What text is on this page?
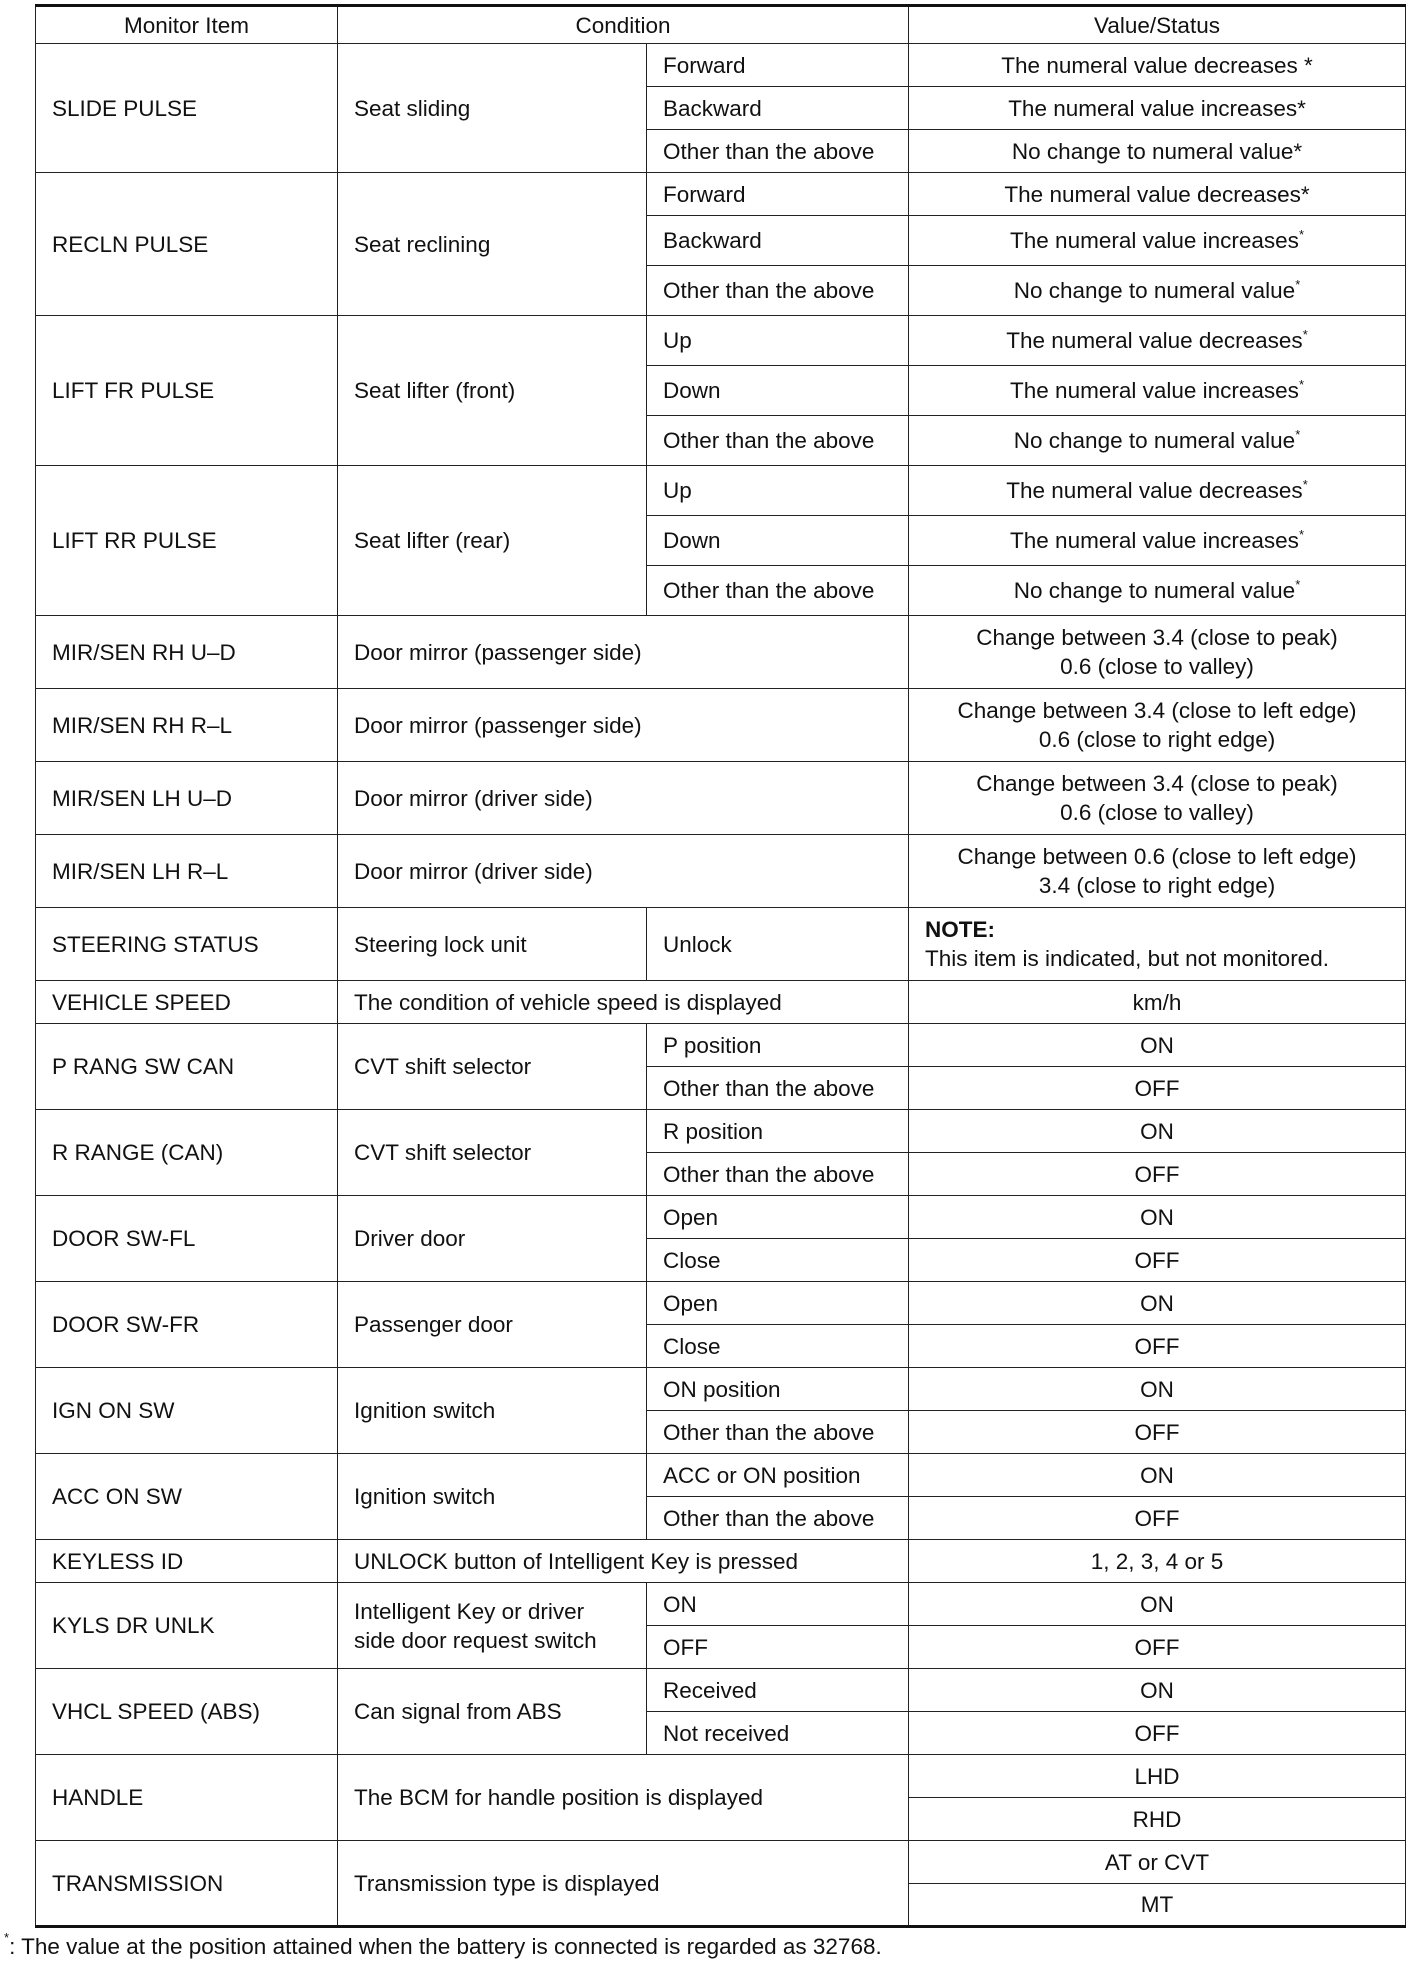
Monitor Item	Condition		Value/Status
SLIDE PULSE	Seat sliding	Forward	The numeral value decreases *
		Backward	The numeral value increases*
		Other than the above	No change to numeral value*
RECLN PULSE	Seat reclining	Forward	The numeral value decreases*
		Backward	The numeral value increases*
		Other than the above	No change to numeral value*
LIFT FR PULSE	Seat lifter (front)	Up	The numeral value decreases*
		Down	The numeral value increases*
		Other than the above	No change to numeral value*
LIFT RR PULSE	Seat lifter (rear)	Up	The numeral value decreases*
		Down	The numeral value increases*
		Other than the above	No change to numeral value*
MIR/SEN RH U–D	Door mirror (passenger side)		Change between 3.4 (close to peak)
0.6 (close to valley)

MIR/SEN RH R–L	Door mirror (passenger side)		Change between 3.4 (close to left edge)
0.6 (close to right edge)

MIR/SEN LH U–D	Door mirror (driver side)		Change between 3.4 (close to peak)
0.6 (close to valley)

MIR/SEN LH R–L	Door mirror (driver side)		Change between 0.6 (close to left edge)
3.4 (close to right edge)

STEERING STATUS	Steering lock unit	Unlock	NOTE:
This item is indicated, but not monitored.

VEHICLE SPEED	The condition of vehicle speed is displayed		km/h
P RANG SW CAN	CVT shift selector	P position	ON
		Other than the above	OFF
R RANGE (CAN)	CVT shift selector	R position	ON
		Other than the above	OFF
DOOR SW-FL	Driver door	Open	ON
		Close	OFF
DOOR SW-FR	Passenger door	Open	ON
		Close	OFF
IGN ON SW	Ignition switch	ON position	ON
		Other than the above	OFF
ACC ON SW	Ignition switch	ACC or ON position	ON
		Other than the above	OFF
KEYLESS ID	UNLOCK button of Intelligent Key is pressed		1, 2, 3, 4 or 5
KYLS DR UNLK	Intelligent Key or driver
side door request switch	ON	ON
		OFF	OFF
VHCL SPEED (ABS)	Can signal from ABS	Received	ON
		Not received	OFF
HANDLE	The BCM for handle position is displayed		LHD
			RHD
TRANSMISSION	Transmission type is displayed		AT or CVT
			MT
*: The value at the position attained when the battery is connected is regarded as 32768.
